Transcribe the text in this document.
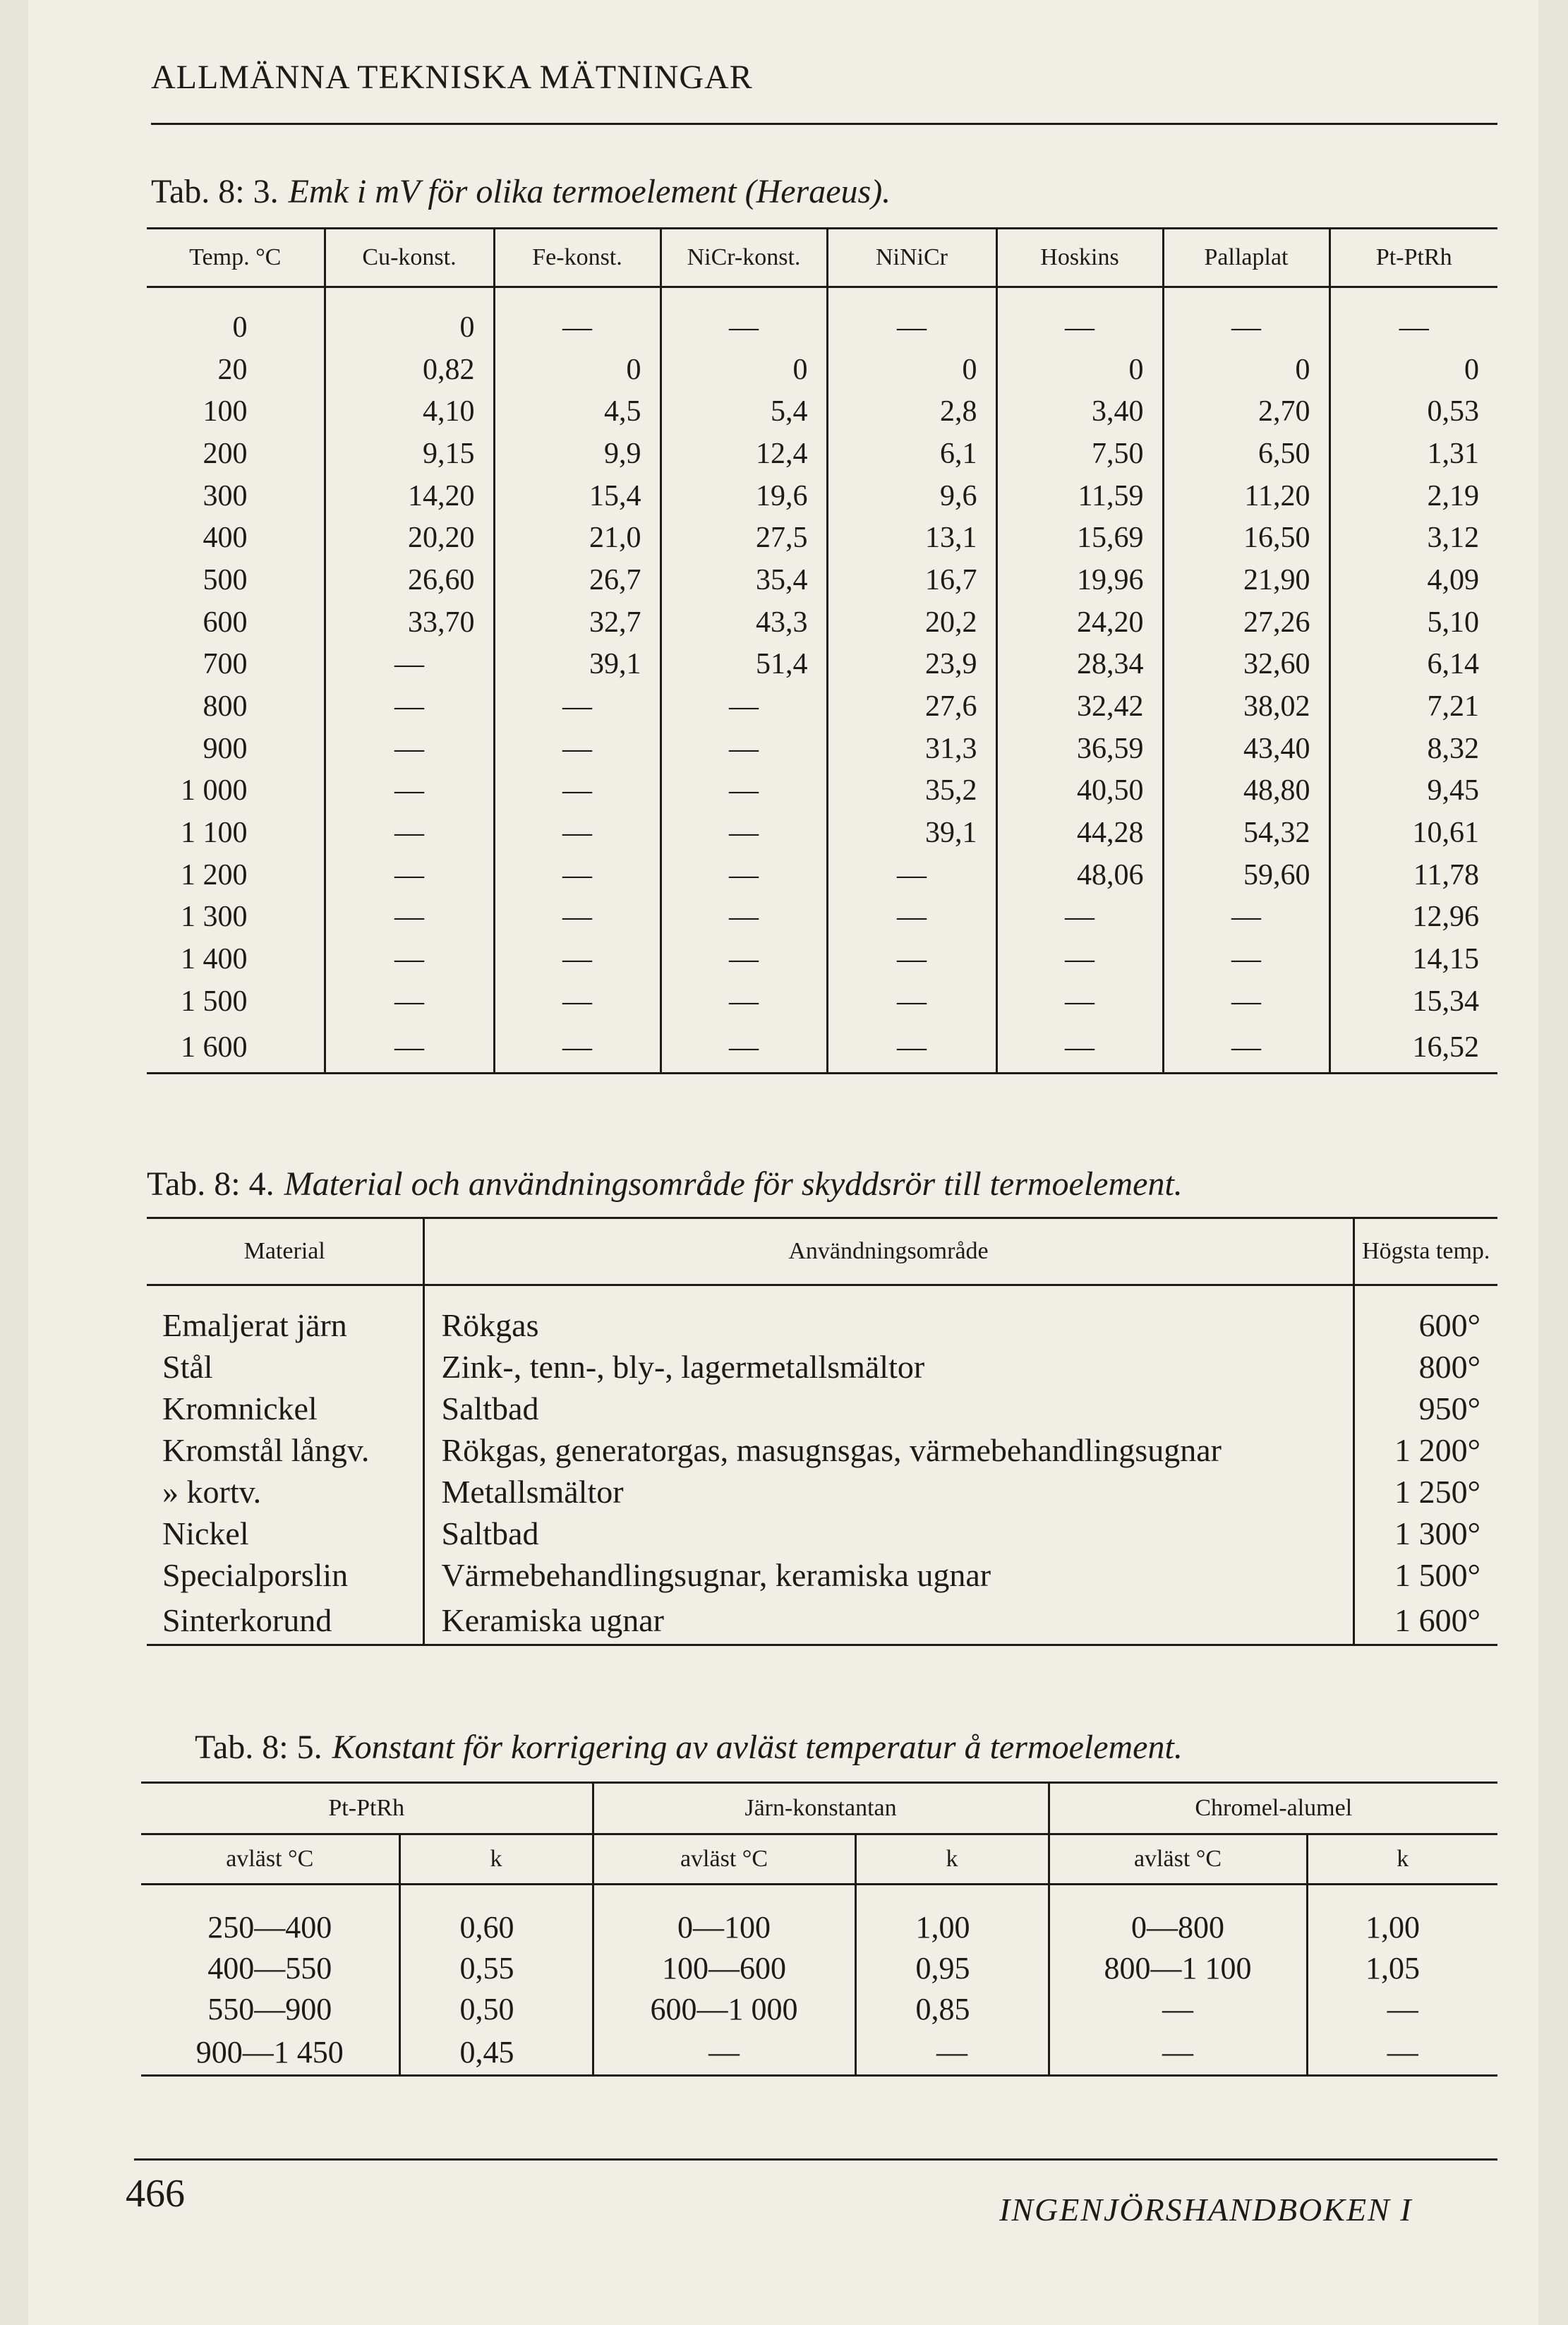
ALLMÄNNA TEKNISKA MÄTNINGAR
Tab. 8: 3. Emk i mV för olika termoelement (Heraeus).
Temp. °C	Cu-konst.	Fe-konst.	NiCr-konst.	NiNiCr	Hoskins	Pallaplat	Pt-PtRh

0	0	—	—	—	—	—	—
20	0,82	0	0	0	0	0	0
100	4,10	4,5	5,4	2,8	3,40	2,70	0,53
200	9,15	9,9	12,4	6,1	7,50	6,50	1,31
300	14,20	15,4	19,6	9,6	11,59	11,20	2,19
400	20,20	21,0	27,5	13,1	15,69	16,50	3,12
500	26,60	26,7	35,4	16,7	19,96	21,90	4,09
600	33,70	32,7	43,3	20,2	24,20	27,26	5,10
700	—	39,1	51,4	23,9	28,34	32,60	6,14
800	—	—	—	27,6	32,42	38,02	7,21
900	—	—	—	31,3	36,59	43,40	8,32
1 000	—	—	—	35,2	40,50	48,80	9,45
1 100	—	—	—	39,1	44,28	54,32	10,61
1 200	—	—	—	—	48,06	59,60	11,78
1 300	—	—	—	—	—	—	12,96
1 400	—	—	—	—	—	—	14,15
1 500	—	—	—	—	—	—	15,34
1 600	—	—	—	—	—	—	16,52
Tab. 8: 4. Material och användningsområde för skyddsrör till termoelement.
Material	Användningsområde	Högsta temp.

Emaljerat järn	Rökgas	600°
Stål	Zink-, tenn-, bly-, lagermetallsmältor	800°
Kromnickel	Saltbad	950°
Kromstål långv.	Rökgas, generatorgas, masugnsgas, värmebehandlingsugnar	1 200°
» kortv.	Metallsmältor	1 250°
Nickel	Saltbad	1 300°
Specialporslin	Värmebehandlingsugnar, keramiska ugnar	1 500°
Sinterkorund	Keramiska ugnar	1 600°
Tab. 8: 5. Konstant för korrigering av avläst temperatur å termoelement.
Pt-PtRh		Järn-konstantan		Chromel-alumel	
avläst °C	k	avläst °C	k	avläst °C	k

250—400	0,60	0—100	1,00	0—800	1,00
400—550	0,55	100—600	0,95	800—1 100	1,05
550—900	0,50	600—1 000	0,85	—	—
900—1 450	0,45	—	—	—	—
466	INGENJÖRSHANDBOKEN I
